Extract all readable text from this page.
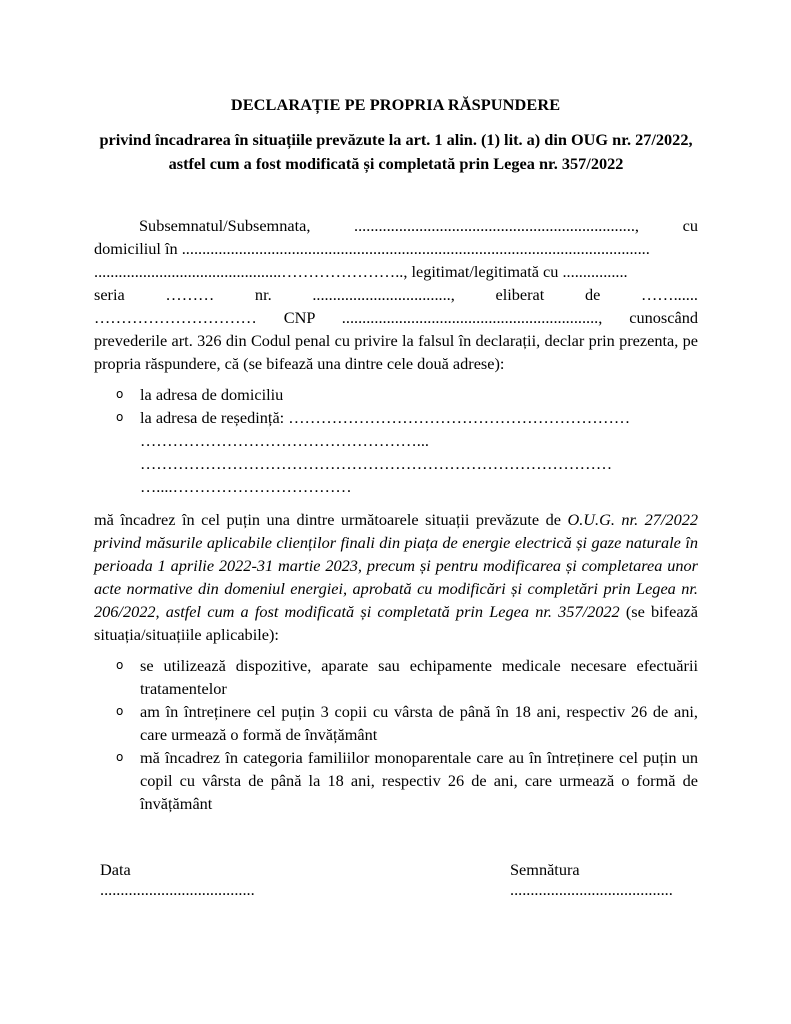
DECLARAȚIE PE PROPRIA RĂSPUNDERE
privind încadrarea în situațiile prevăzute la art. 1 alin. (1) lit. a) din OUG nr. 27/2022, astfel cum a fost modificată și completată prin Legea nr. 357/2022
Subsemnatul/Subsemnata, ....................................................................., cu
domiciliul în ...................................................................................................................
..............................................………………….., legitimat/legitimată cu ................
seria ……… nr. .................................., eliberat de ……......
………………………… CNP ..............................................................., cunoscând
prevederile art. 326 din Codul penal cu privire la falsul în declarații, declar prin prezenta, pe propria răspundere, că (se bifează una dintre cele două adrese):
o la adresa de domiciliu
o la adresa de reședință: ………………………………………………………
……………………………………………...
……………………………………………………………………………
…....……………………………
mă încadrez în cel puțin una dintre următoarele situații prevăzute de O.U.G. nr. 27/2022 privind măsurile aplicabile clienților finali din piața de energie electrică și gaze naturale în perioada 1 aprilie 2022-31 martie 2023, precum și pentru modificarea și completarea unor acte normative din domeniul energiei, aprobată cu modificări și completări prin Legea nr. 206/2022, astfel cum a fost modificată și completată prin Legea nr. 357/2022 (se bifează situația/situațiile aplicabile):
o se utilizează dispozitive, aparate sau echipamente medicale necesare efectuării tratamentelor
o am în întreținere cel puțin 3 copii cu vârsta de până în 18 ani, respectiv 26 de ani, care urmează o formă de învățământ
o mă încadrez în categoria familiilor monoparentale care au în întreținere cel puțin un copil cu vârsta de până la 18 ani, respectiv 26 de ani, care urmează o formă de învățământ
Data
......................................
Semnătura
........................................
